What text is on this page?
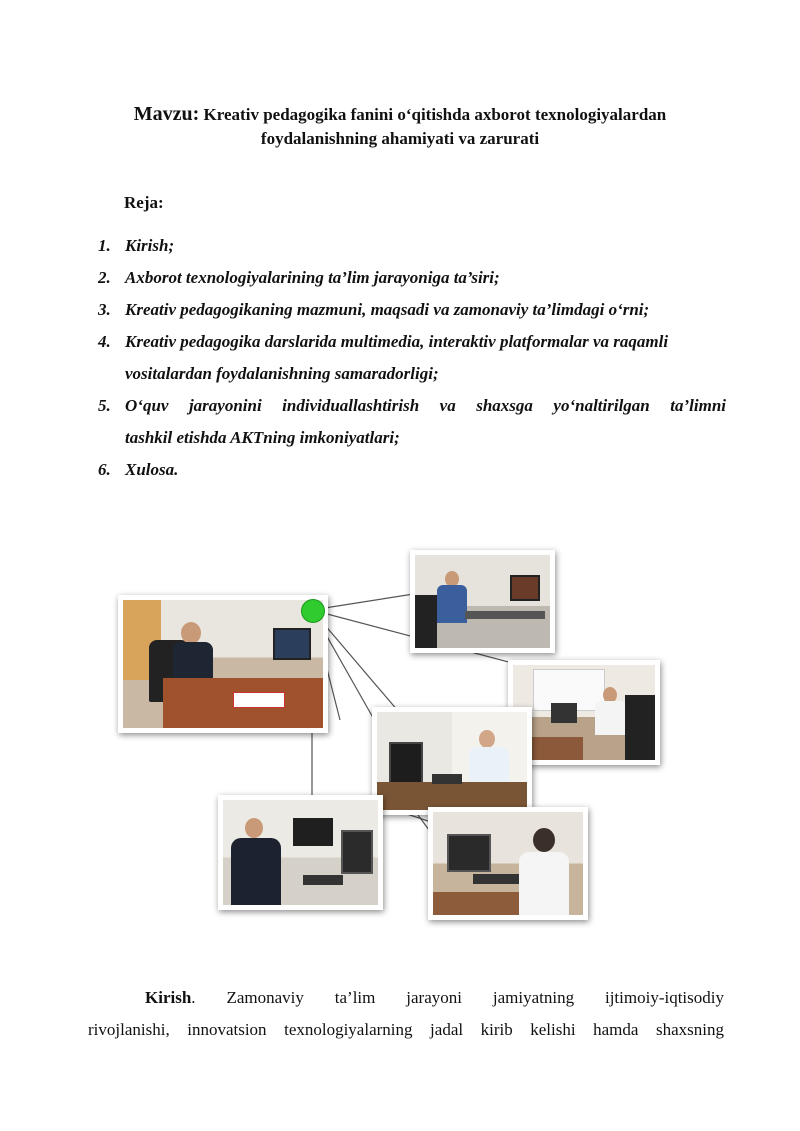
Mavzu: Kreativ pedagogika fanini o‘qitishda axborot texnologiyalardan
foydalanishning ahamiyati va zarurati
Reja:
1. Kirish;
2. Axborot texnologiyalarining ta’lim jarayoniga ta’siri;
3. Kreativ pedagogikaning mazmuni, maqsadi va zamonaviy ta’limdagi o‘rni;
4. Kreativ pedagogika darslarida multimedia, interaktiv platformalar va raqamli
vositalardan foydalanishning samaradorligi;
5. O‘quv jarayonini individuallashtirish va shaxsga yo‘naltirilgan ta’limni
tashkil etishda AKTning imkoniyatlari;
6. Xulosa.
Kirish. Zamonaviy ta’lim jarayoni jamiyatning ijtimoiy-iqtisodiy
rivojlanishi, innovatsion texnologiyalarning jadal kirib kelishi hamda shaxsning
